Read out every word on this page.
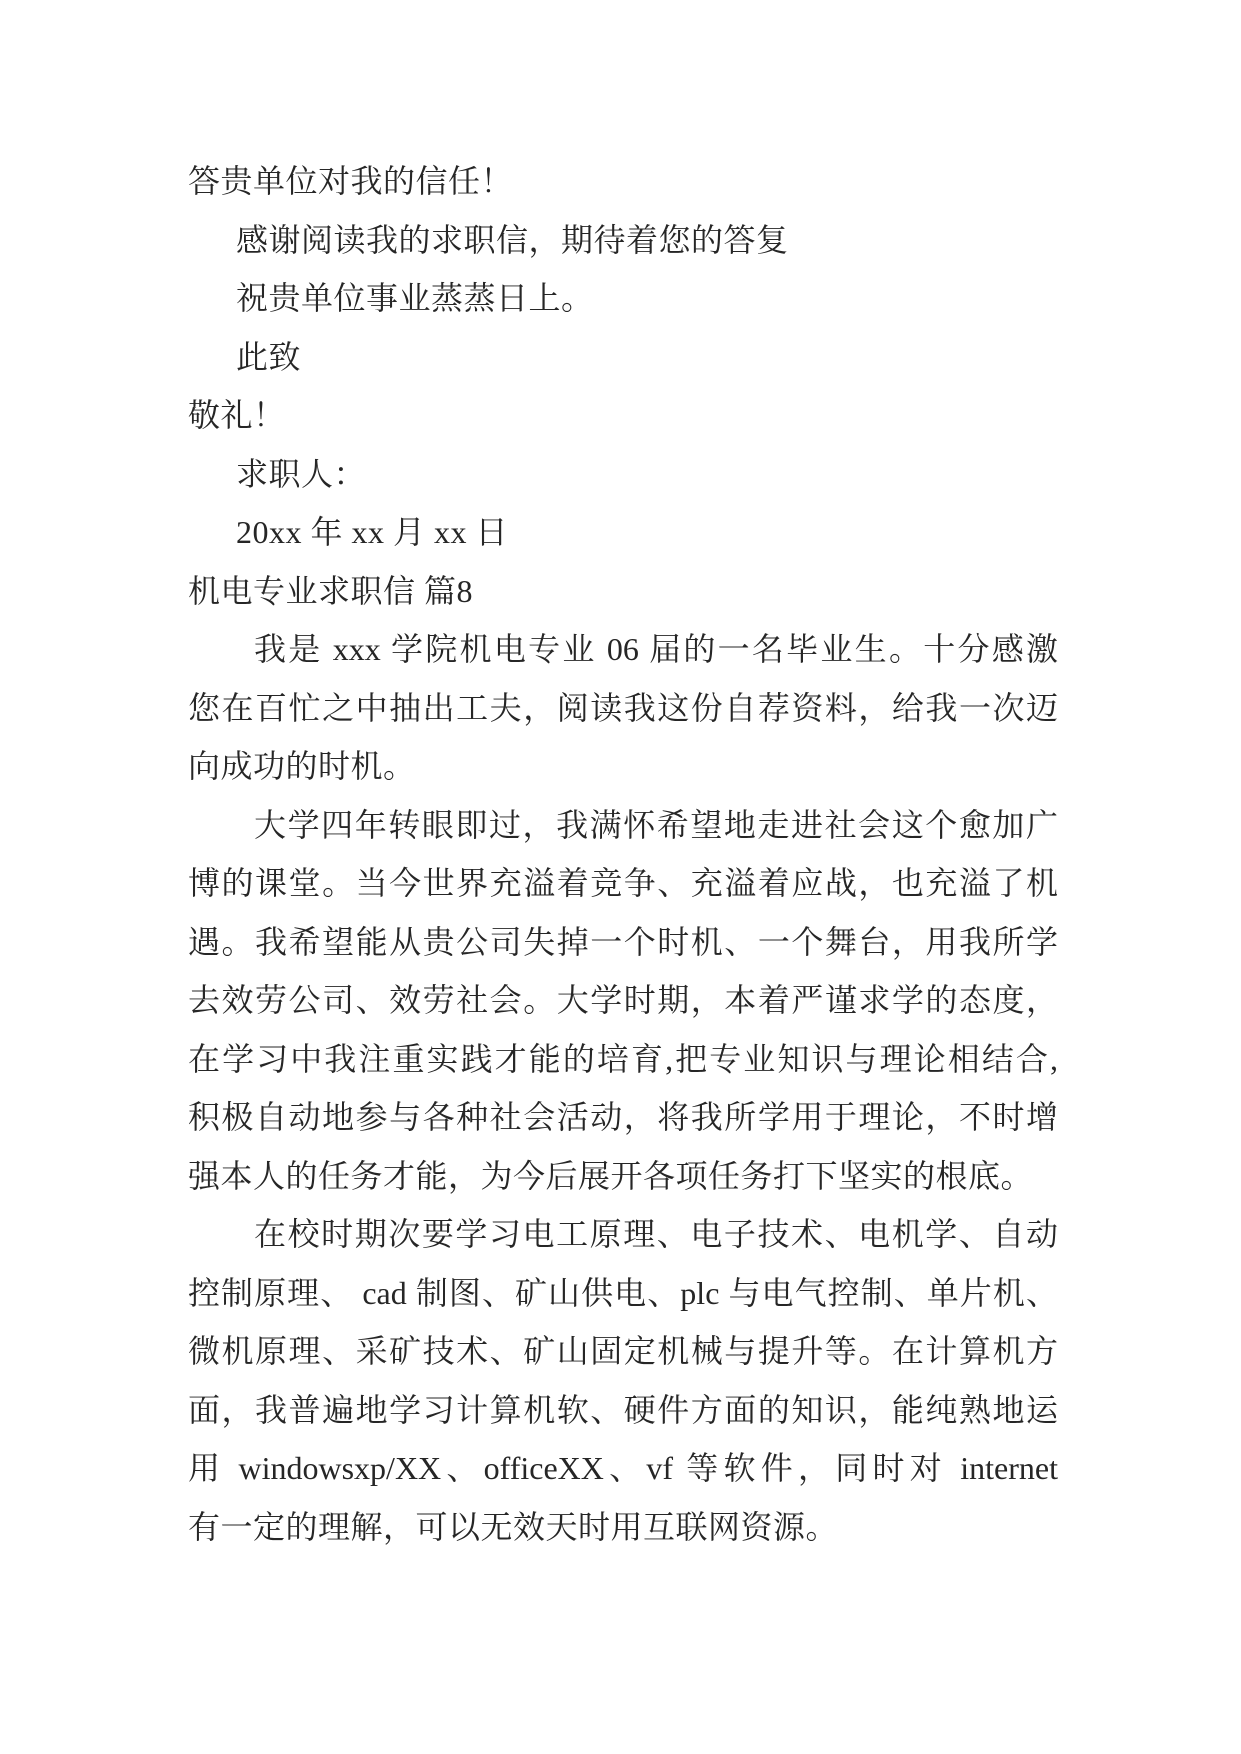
答贵单位对我的信任！
感谢阅读我的求职信，期待着您的答复
祝贵单位事业蒸蒸日上。
此致
敬礼！
求职人：
20xx 年 xx 月 xx 日
机电专业求职信 篇8
我是 xxx 学院机电专业 06 届的一名毕业生。十分感激
您在百忙之中抽出工夫，阅读我这份自荐资料，给我一次迈
向成功的时机。
大学四年转眼即过，我满怀希望地走进社会这个愈加广
博的课堂。当今世界充溢着竞争、充溢着应战，也充溢了机
遇。我希望能从贵公司失掉一个时机、一个舞台，用我所学
去效劳公司、效劳社会。大学时期，本着严谨求学的态度，
在学习中我注重实践才能的培育,把专业知识与理论相结合,
积极自动地参与各种社会活动，将我所学用于理论，不时增
强本人的任务才能，为今后展开各项任务打下坚实的根底。
在校时期次要学习电工原理、电子技术、电机学、自动
控制原理、 cad 制图、矿山供电、plc 与电气控制、单片机、
微机原理、采矿技术、矿山固定机械与提升等。在计算机方
面，我普遍地学习计算机软、硬件方面的知识，能纯熟地运
用 windowsxp/XX、officeXX、vf 等软件，同时对 internet
有一定的理解，可以无效天时用互联网资源。
